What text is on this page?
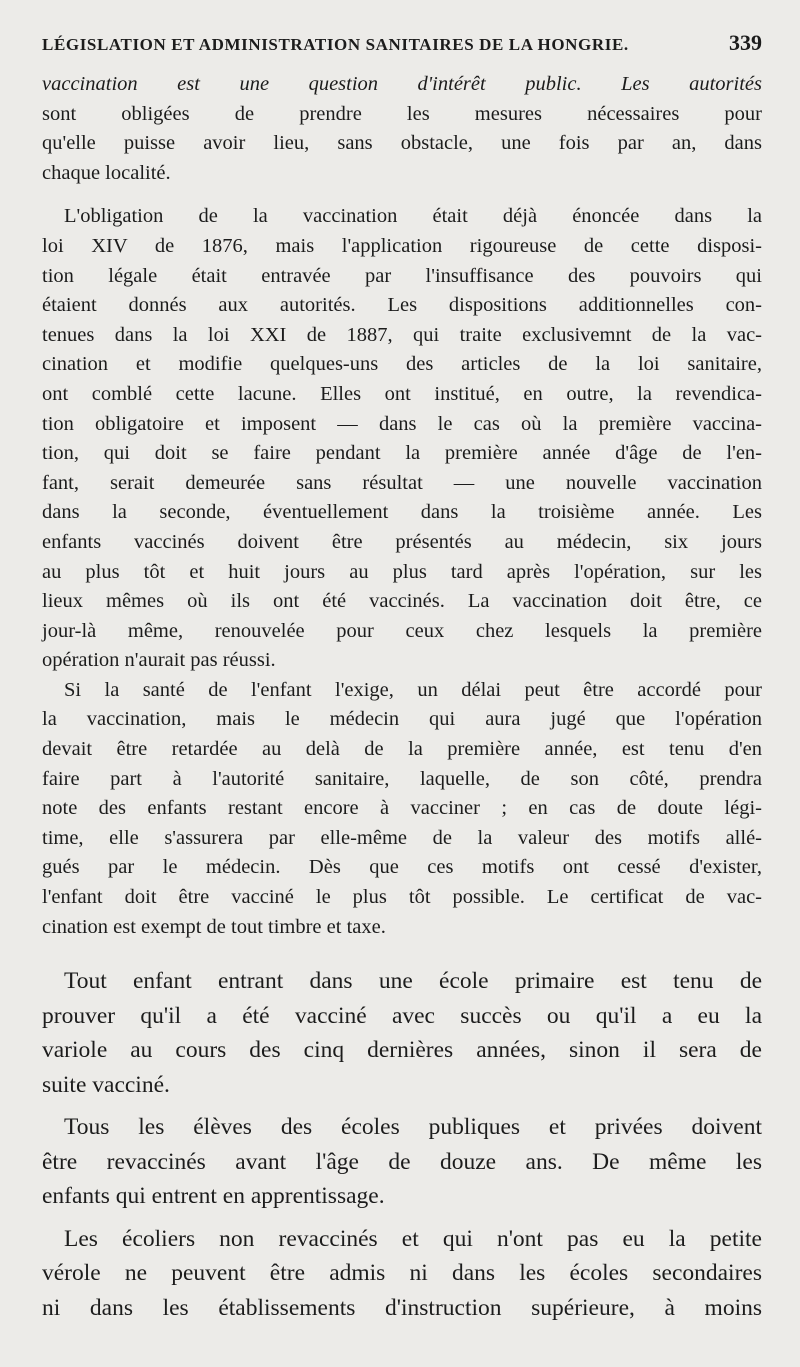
LÉGISLATION ET ADMINISTRATION SANITAIRES DE LA HONGRIE.	339
vaccination est une question d'intérêt public. Les autorités
sont obligées de prendre les mesures nécessaires pour
qu'elle puisse avoir lieu, sans obstacle, une fois par an, dans
chaque localité.
L'obligation de la vaccination était déjà énoncée dans la
loi XIV de 1876, mais l'application rigoureuse de cette disposi-
tion légale était entravée par l'insuffisance des pouvoirs qui
étaient donnés aux autorités. Les dispositions additionnelles con-
tenues dans la loi XXI de 1887, qui traite exclusivemnt de la vac-
cination et modifie quelques-uns des articles de la loi sanitaire,
ont comblé cette lacune. Elles ont institué, en outre, la revendica-
tion obligatoire et imposent — dans le cas où la première vaccina-
tion, qui doit se faire pendant la première année d'âge de l'en-
fant, serait demeurée sans résultat — une nouvelle vaccination
dans la seconde, éventuellement dans la troisième année. Les
enfants vaccinés doivent être présentés au médecin, six jours
au plus tôt et huit jours au plus tard après l'opération, sur les
lieux mêmes où ils ont été vaccinés. La vaccination doit être, ce
jour-là même, renouvelée pour ceux chez lesquels la première
opération n'aurait pas réussi.
Si la santé de l'enfant l'exige, un délai peut être accordé pour
la vaccination, mais le médecin qui aura jugé que l'opération
devait être retardée au delà de la première année, est tenu d'en
faire part à l'autorité sanitaire, laquelle, de son côté, prendra
note des enfants restant encore à vacciner ; en cas de doute légi-
time, elle s'assurera par elle-même de la valeur des motifs allé-
gués par le médecin. Dès que ces motifs ont cessé d'exister,
l'enfant doit être vacciné le plus tôt possible. Le certificat de vac-
cination est exempt de tout timbre et taxe.
Tout enfant entrant dans une école primaire est tenu de
prouver qu'il a été vacciné avec succès ou qu'il a eu la
variole au cours des cinq dernières années, sinon il sera de
suite vacciné.
Tous les élèves des écoles publiques et privées doivent
être revaccinés avant l'âge de douze ans. De même les
enfants qui entrent en apprentissage.
Les écoliers non revaccinés et qui n'ont pas eu la petite
vérole ne peuvent être admis ni dans les écoles secondaires
ni dans les établissements d'instruction supérieure, à moins
